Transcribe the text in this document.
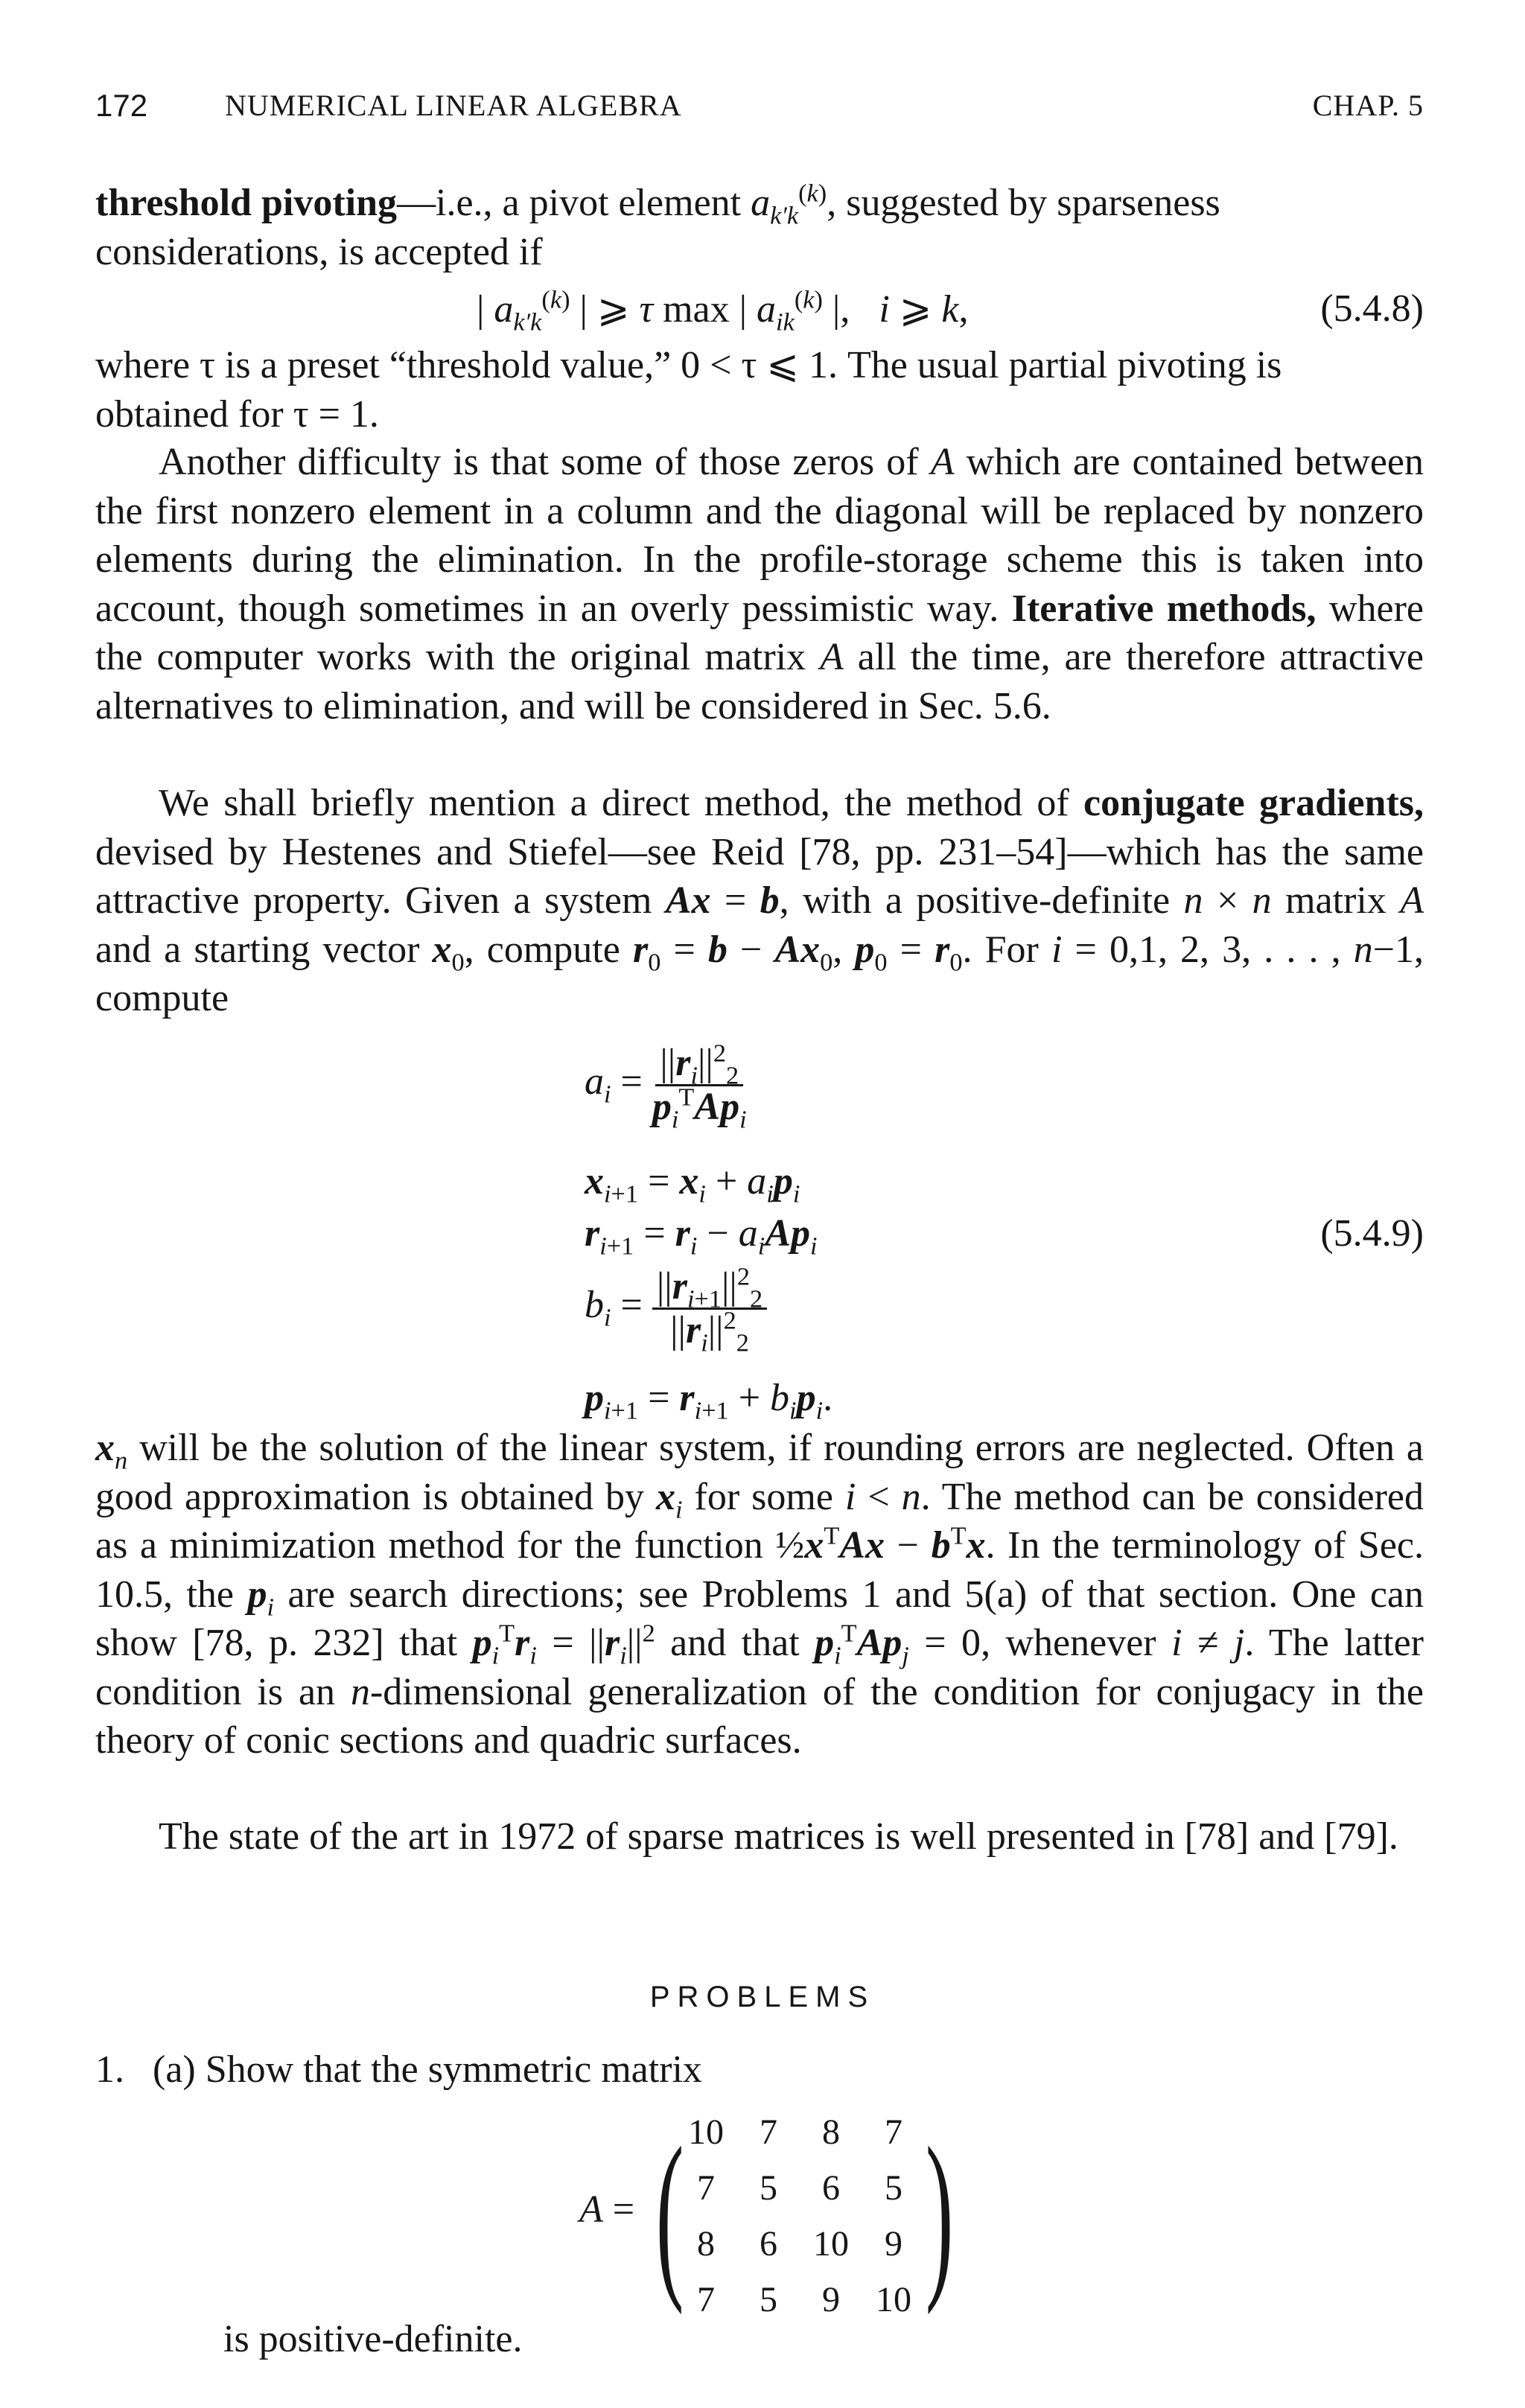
172	NUMERICAL LINEAR ALGEBRA	CHAP. 5

threshold pivoting—i.e., a pivot element $a_{k'k}^{(k)}$, suggested by sparseness considerations, is accepted if

| $a_{k'k}^{(k)}$ | ⩾ τ max | $a_{ik}^{(k)}$ |,   i ⩾ k,	(5.4.8)

where τ is a preset “threshold value,” 0 < τ ⩽ 1. The usual partial pivoting is obtained for τ = 1.

Another difficulty is that some of those zeros of A which are contained between the first nonzero element in a column and the diagonal will be replaced by nonzero elements during the elimination. In the profile-storage scheme this is taken into account, though sometimes in an overly pessimistic way. Iterative methods, where the computer works with the original matrix A all the time, are therefore attractive alternatives to elimination, and will be considered in Sec. 5.6.

We shall briefly mention a direct method, the method of conjugate gradients, devised by Hestenes and Stiefel—see Reid [78, pp. 231–54]—which has the same attractive property. Given a system Ax = b, with a positive-definite n × n matrix A and a starting vector $x_0$, compute $r_0 = b - Ax_0$, $p_0 = r_0$. For i = 0,1, 2, 3, . . . , n−1, compute

$a_i = \frac{||r_i||^2_2}{p_i^TAp_i}$
$x_{i+1} = x_i + a_ip_i$
$r_{i+1} = r_i - a_iAp_i$	(5.4.9)
$b_i = \frac{||r_{i+1}||^2_2}{||r_i||^2_2}$
$p_{i+1} = r_{i+1} + b_ip_i$.

$x_n$ will be the solution of the linear system, if rounding errors are neglected. Often a good approximation is obtained by $x_i$ for some i < n. The method can be considered as a minimization method for the function $\frac{1}{2}x^TAx - b^Tx$. In the terminology of Sec. 10.5, the $p_i$ are search directions; see Problems 1 and 5(a) of that section. One can show [78, p. 232] that $p_i^Tr_i = ||r_i||^2$ and that $p_i^TAp_j = 0$, whenever i ≠ j. The latter condition is an n-dimensional generalization of the condition for conjugacy in the theory of conic sections and quadric surfaces.

The state of the art in 1972 of sparse matrices is well presented in [78] and [79].

PROBLEMS
1. (a) Show that the symmetric matrix
A = ( 10	7	8	7
7	5	6	5
8	6	10	9
7	5	9	10 )
is positive-definite.
